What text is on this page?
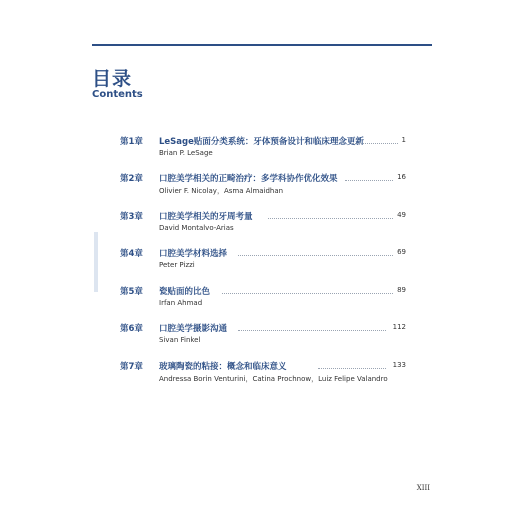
目录
Contents
第1章 LeSage贴面分类系统：牙体预备设计和临床理念更新	1
Brian P. LeSage
第2章 口腔美学相关的正畸治疗：多学科协作优化效果	16
Olivier F. Nicolay，Asma Almaidhan
第3章 口腔美学相关的牙周考量	49
David Montalvo-Arias
第4章 口腔美学材料选择	69
Peter Pizzi
第5章 瓷贴面的比色	89
Irfan Ahmad
第6章 口腔美学摄影沟通	112
Sivan Finkel
第7章 玻璃陶瓷的粘接：概念和临床意义	133
Andressa Borin Venturini，Catina Prochnow，Luiz Felipe Valandro
XIII
